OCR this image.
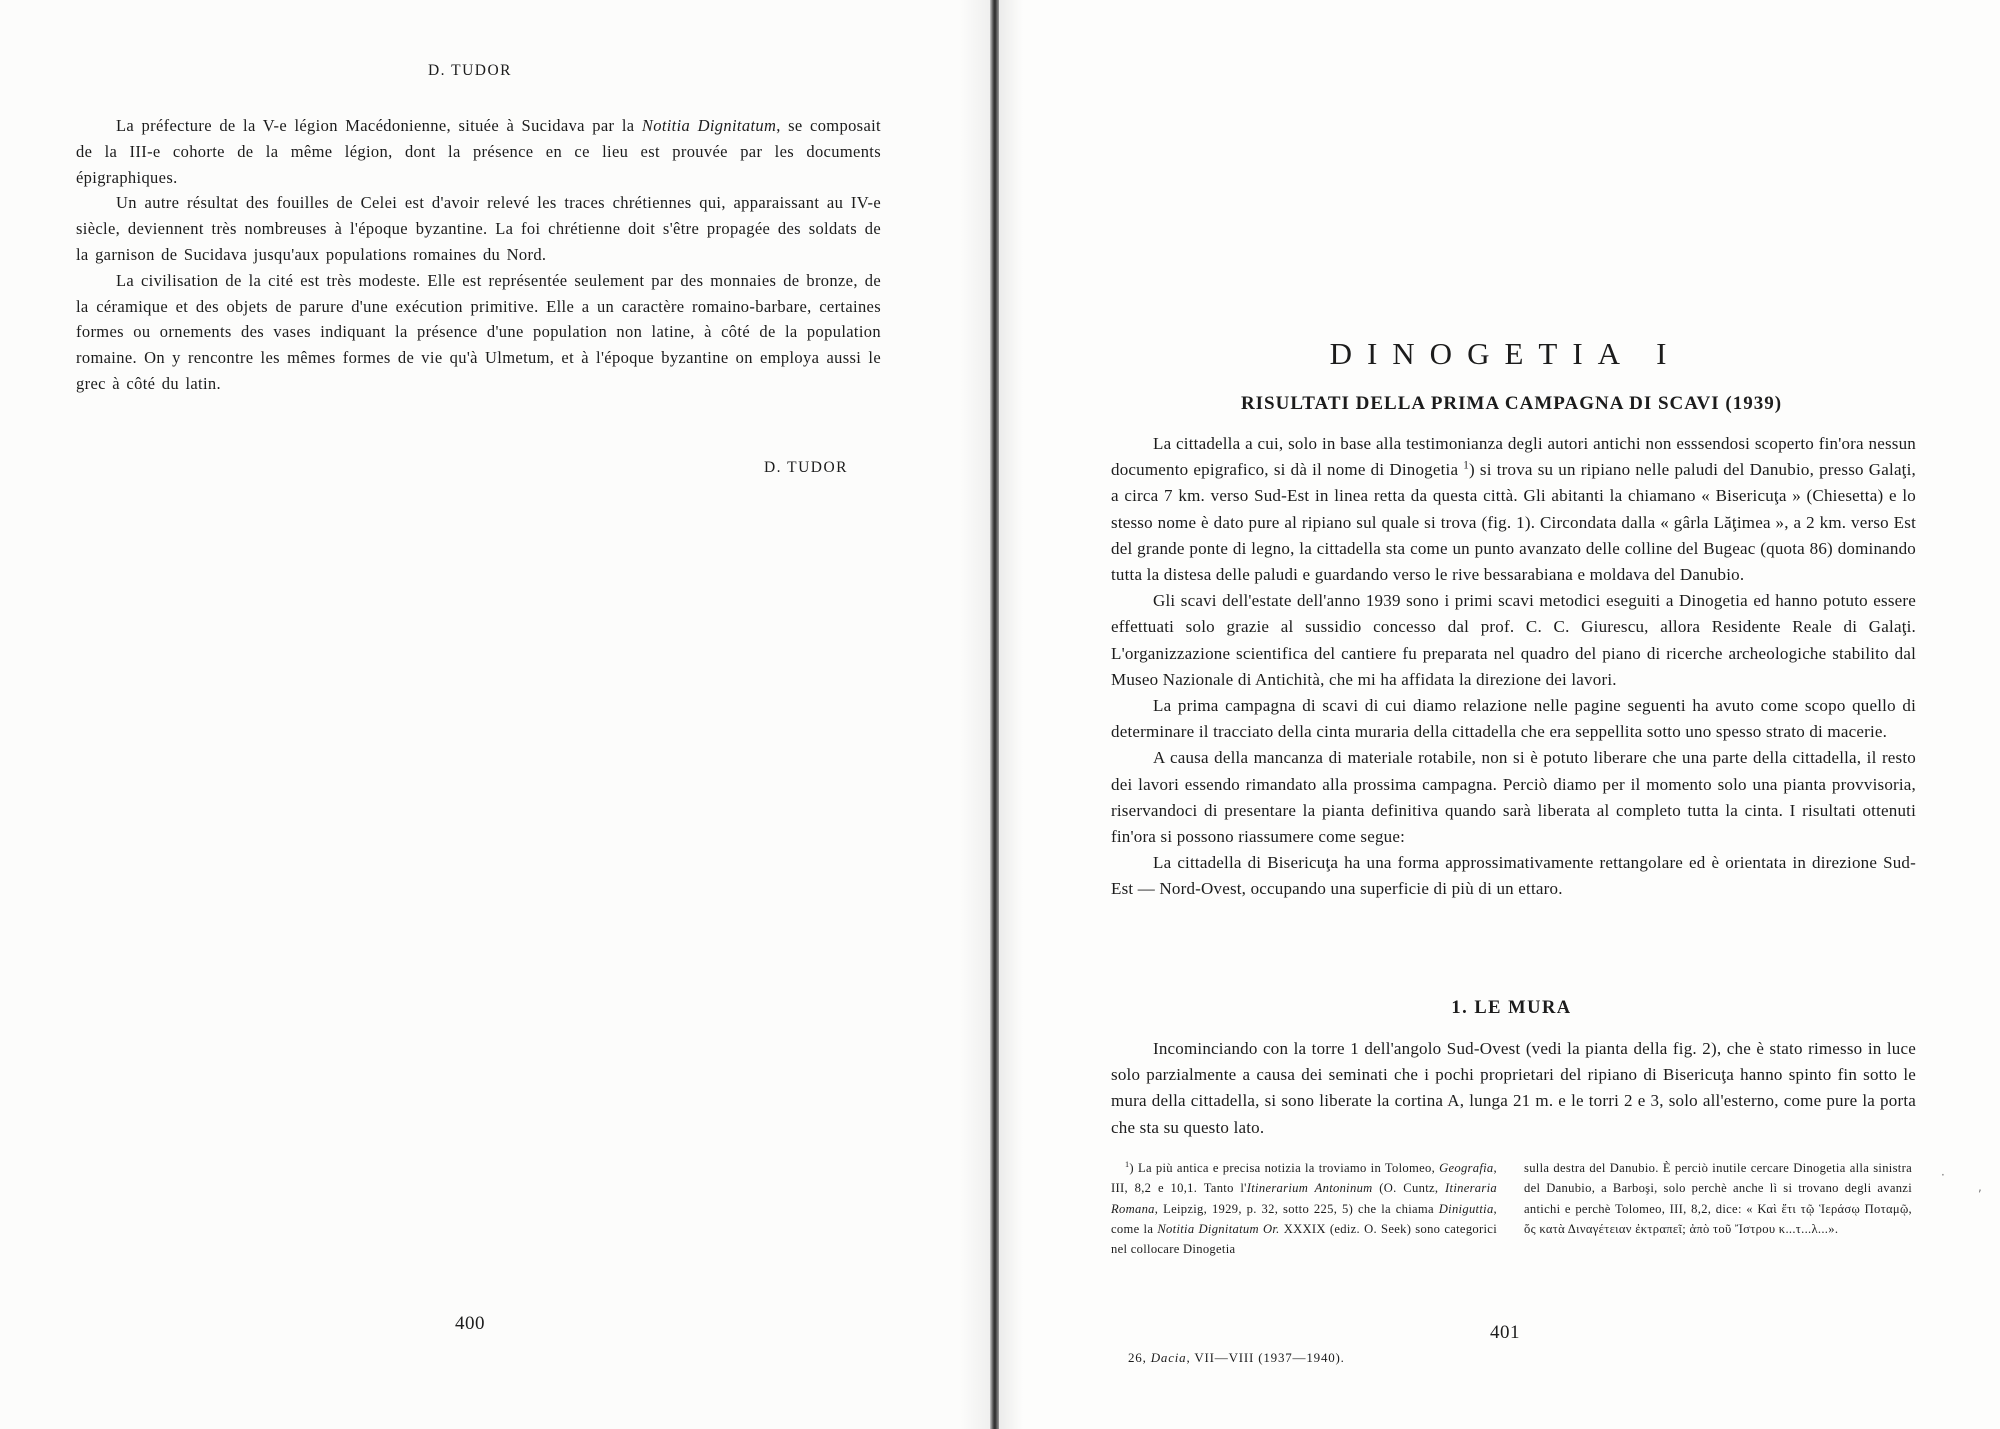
D. TUDOR

La préfecture de la V-e légion Macédonienne, située à Sucidava par la Notitia Dignitatum, se composait de la III-e cohorte de la même légion, dont la présence en ce lieu est prouvée par les documents épigraphiques.

Un autre résultat des fouilles de Celei est d'avoir relevé les traces chrétiennes qui, apparaissant au IV-e siècle, deviennent très nombreuses à l'époque byzantine. La foi chrétienne doit s'être propagée des soldats de la garnison de Sucidava jusqu'aux populations romaines du Nord.

La civilisation de la cité est très modeste. Elle est représentée seulement par des monnaies de bronze, de la céramique et des objets de parure d'une exécution primitive. Elle a un caractère romaino-barbare, certaines formes ou ornements des vases indiquant la présence d'une population non latine, à côté de la population romaine. On y rencontre les mêmes formes de vie qu'à Ulmetum, et à l'époque byzantine on employa aussi le grec à côté du latin.

D. TUDOR
400
DINOGETIA I
RISULTATI DELLA PRIMA CAMPAGNA DI SCAVI (1939)

La cittadella a cui, solo in base alla testimonianza degli autori antichi non esssendosi scoperto fin'ora nessun documento epigrafico, si dà il nome di Dinogetia $^1$) si trova su un ripiano nelle paludi del Danubio, presso Galaţi, a circa 7 km. verso Sud-Est in linea retta da questa città. Gli abitanti la chiamano « Bisericuţa » (Chiesetta) e lo stesso nome è dato pure al ripiano sul quale si trova (fig. 1). Circondata dalla « gârla Lăţimea », a 2 km. verso Est del grande ponte di legno, la cittadella sta come un punto avanzato delle colline del Bugeac (quota 86) dominando tutta la distesa delle paludi e guardando verso le rive bessarabiana e moldava del Danubio.

Gli scavi dell'estate dell'anno 1939 sono i primi scavi metodici eseguiti a Dinogetia ed hanno potuto essere effettuati solo grazie al sussidio concesso dal prof. C. C. Giurescu, allora Residente Reale di Galaţi. L'organizzazione scientifica del cantiere fu preparata nel quadro del piano di ricerche archeologiche stabilito dal Museo Nazionale di Antichità, che mi ha affidata la direzione dei lavori.

La prima campagna di scavi di cui diamo relazione nelle pagine seguenti ha avuto come scopo quello di determinare il tracciato della cinta muraria della cittadella che era seppellita sotto uno spesso strato di macerie.

A causa della mancanza di materiale rotabile, non si è potuto liberare che una parte della cittadella, il resto dei lavori essendo rimandato alla prossima campagna. Perciò diamo per il momento solo una pianta provvisoria, riservandoci di presentare la pianta definitiva quando sarà liberata al completo tutta la cinta. I risultati ottenuti fin'ora si possono riassumere come segue:

La cittadella di Bisericuţa ha una forma approssimativamente rettangolare ed è orientata in direzione Sud-Est — Nord-Ovest, occupando una superficie di più di un ettaro.

1. LE MURA

Incominciando con la torre 1 dell'angolo Sud-Ovest (vedi la pianta della fig. 2), che è stato rimesso in luce solo parzialmente a causa dei seminati che i pochi proprietari del ripiano di Bisericuţa hanno spinto fin sotto le mura della cittadella, si sono liberate la cortina A, lunga 21 m. e le torri 2 e 3, solo all'esterno, come pure la porta che sta su questo lato.

$^1$) La più antica e precisa notizia la troviamo in Tolomeo, Geografia, III, 8,2 e 10,1. Tanto l'Itinerarium Antoninum (O. Cuntz, Itineraria Romana, Leipzig, 1929, p. 32, sotto 225, 5) che la chiama Diniguttia, come la Notitia Dignitatum Or. XXXIX (ediz. O. Seek) sono categorici nel collocare Dinogetia

sulla destra del Danubio. È perciò inutile cercare Dinogetia alla sinistra del Danubio, a Barboşi, solo perchè anche lì si trovano degli avanzi antichi e perchè Tolomeo, III, 8,2, dice: « Καὶ ἔτι τῷ Ἱεράσῳ Ποταμῷ, ὅς κατὰ Διναγέτειαν ἐκτραπεῖ; ἀπὸ τοῦ Ἴστρου κ...τ...λ...».

401
26, Dacia, VII—VIII (1937—1940).
·
,
